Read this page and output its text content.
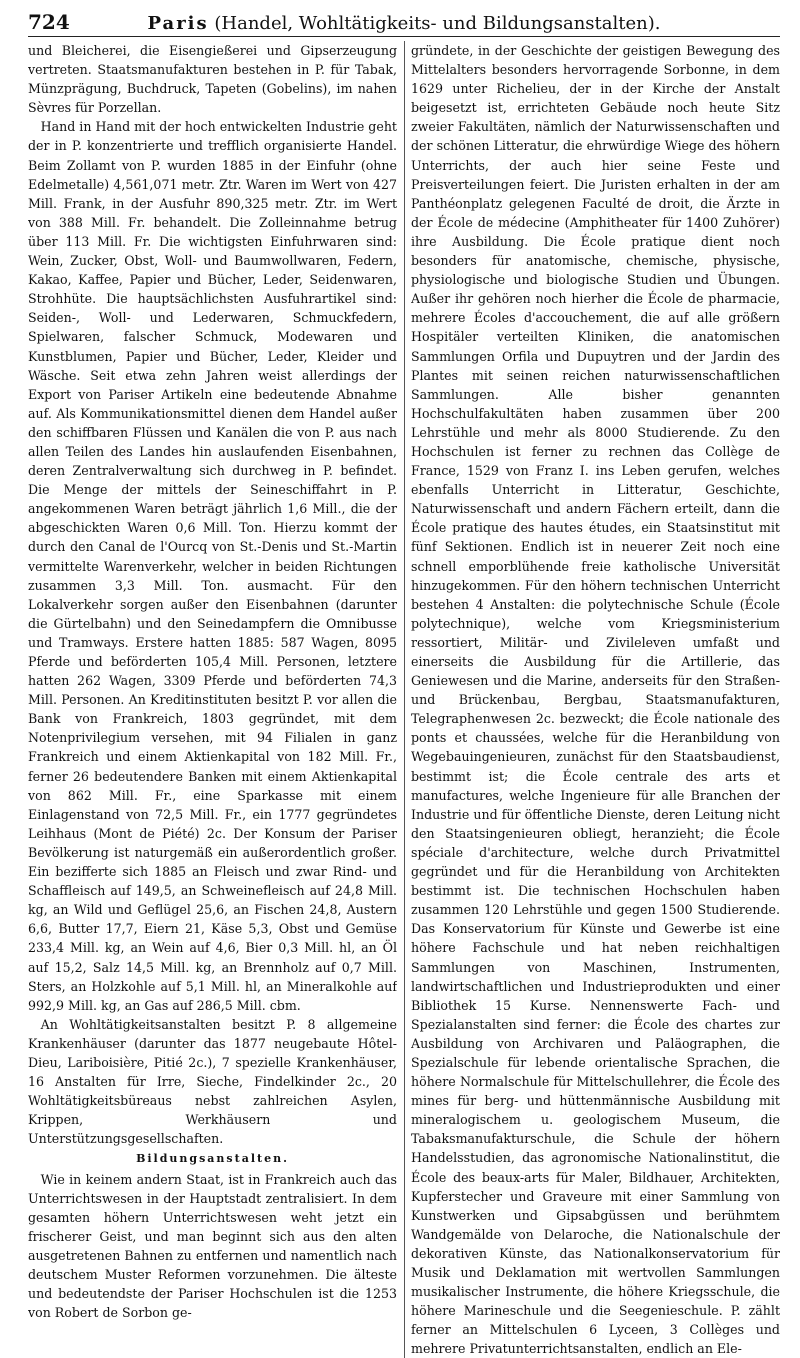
724	Paris (Handel, Wohltätigkeits- und Bildungsanstalten).

und Bleicherei, die Eisengießerei und Gipserzeugung vertreten. Staatsmanufakturen bestehen in P. für Tabak, Münzprägung, Buchdruck, Tapeten (Gobelins), im nahen Sèvres für Porzellan.

Hand in Hand mit der hoch entwickelten Industrie geht der in P. konzentrierte und trefflich organisierte Handel. Beim Zollamt von P. wurden 1885 in der Einfuhr (ohne Edelmetalle) 4,561,071 metr. Ztr. Waren im Wert von 427 Mill. Frank, in der Ausfuhr 890,325 metr. Ztr. im Wert von 388 Mill. Fr. behandelt. Die Zolleinnahme betrug über 113 Mill. Fr. Die wichtigsten Einfuhrwaren sind: Wein, Zucker, Obst, Woll- und Baumwollwaren, Federn, Kakao, Kaffee, Papier und Bücher, Leder, Seidenwaren, Strohhüte. Die hauptsächlichsten Ausfuhrartikel sind: Seiden-, Woll- und Lederwaren, Schmuckfedern, Spielwaren, falscher Schmuck, Modewaren und Kunstblumen, Papier und Bücher, Leder, Kleider und Wäsche. Seit etwa zehn Jahren weist allerdings der Export von Pariser Artikeln eine bedeutende Abnahme auf. Als Kommunikationsmittel dienen dem Handel außer den schiffbaren Flüssen und Kanälen die von P. aus nach allen Teilen des Landes hin auslaufenden Eisenbahnen, deren Zentralverwaltung sich durchweg in P. befindet. Die Menge der mittels der Seineschiffahrt in P. angekommenen Waren beträgt jährlich 1,6 Mill., die der abgeschickten Waren 0,6 Mill. Ton. Hierzu kommt der durch den Canal de l'Ourcq von St.-Denis und St.-Martin vermittelte Warenverkehr, welcher in beiden Richtungen zusammen 3,3 Mill. Ton. ausmacht. Für den Lokalverkehr sorgen außer den Eisenbahnen (darunter die Gürtelbahn) und den Seinedampfern die Omnibusse und Tramways. Erstere hatten 1885: 587 Wagen, 8095 Pferde und beförderten 105,4 Mill. Personen, letztere hatten 262 Wagen, 3309 Pferde und beförderten 74,3 Mill. Personen. An Kreditinstituten besitzt P. vor allen die Bank von Frankreich, 1803 gegründet, mit dem Notenprivilegium versehen, mit 94 Filialen in ganz Frankreich und einem Aktienkapital von 182 Mill. Fr., ferner 26 bedeutendere Banken mit einem Aktienkapital von 862 Mill. Fr., eine Sparkasse mit einem Einlagenstand von 72,5 Mill. Fr., ein 1777 gegründetes Leihhaus (Mont de Piété) 2c. Der Konsum der Pariser Bevölkerung ist naturgemäß ein außerordentlich großer. Ein bezifferte sich 1885 an Fleisch und zwar Rind- und Schaffleisch auf 149,5, an Schweinefleisch auf 24,8 Mill. kg, an Wild und Geflügel 25,6, an Fischen 24,8, Austern 6,6, Butter 17,7, Eiern 21, Käse 5,3, Obst und Gemüse 233,4 Mill. kg, an Wein auf 4,6, Bier 0,3 Mill. hl, an Öl auf 15,2, Salz 14,5 Mill. kg, an Brennholz auf 0,7 Mill. Sters, an Holzkohle auf 5,1 Mill. hl, an Mineralkohle auf 992,9 Mill. kg, an Gas auf 286,5 Mill. cbm.

An Wohltätigkeitsanstalten besitzt P. 8 allgemeine Krankenhäuser (darunter das 1877 neugebaute Hôtel-Dieu, Lariboisière, Pitié 2c.), 7 spezielle Krankenhäuser, 16 Anstalten für Irre, Sieche, Findelkinder 2c., 20 Wohltätigkeitsbüreaus nebst zahlreichen Asylen, Krippen, Werkhäusern und Unterstützungsgesellschaften.

Bildungsanstalten.

Wie in keinem andern Staat, ist in Frankreich auch das Unterrichtswesen in der Hauptstadt zentralisiert. In dem gesamten höhern Unterrichtswesen weht jetzt ein frischerer Geist, und man beginnt sich aus den alten ausgetretenen Bahnen zu entfernen und namentlich nach deutschem Muster Reformen vorzunehmen. Die älteste und bedeutendste der Pariser Hochschulen ist die 1253 von Robert de Sorbon ge-

gründete, in der Geschichte der geistigen Bewegung des Mittelalters besonders hervorragende Sorbonne, in dem 1629 unter Richelieu, der in der Kirche der Anstalt beigesetzt ist, errichteten Gebäude noch heute Sitz zweier Fakultäten, nämlich der Naturwissenschaften und der schönen Litteratur, die ehrwürdige Wiege des höhern Unterrichts, der auch hier seine Feste und Preisverteilungen feiert. Die Juristen erhalten in der am Panthéonplatz gelegenen Faculté de droit, die Ärzte in der École de médecine (Amphitheater für 1400 Zuhörer) ihre Ausbildung. Die École pratique dient noch besonders für anatomische, chemische, physische, physiologische und biologische Studien und Übungen. Außer ihr gehören noch hierher die École de pharmacie, mehrere Écoles d'accouchement, die auf alle größern Hospitäler verteilten Kliniken, die anatomischen Sammlungen Orfila und Dupuytren und der Jardin des Plantes mit seinen reichen naturwissenschaftlichen Sammlungen. Alle bisher genannten Hochschulfakultäten haben zusammen über 200 Lehrstühle und mehr als 8000 Studierende. Zu den Hochschulen ist ferner zu rechnen das Collège de France, 1529 von Franz I. ins Leben gerufen, welches ebenfalls Unterricht in Litteratur, Geschichte, Naturwissenschaft und andern Fächern erteilt, dann die École pratique des hautes études, ein Staatsinstitut mit fünf Sektionen. Endlich ist in neuerer Zeit noch eine schnell emporblühende freie katholische Universität hinzugekommen. Für den höhern technischen Unterricht bestehen 4 Anstalten: die polytechnische Schule (École polytechnique), welche vom Kriegsministerium ressortiert, Militär- und Zivileleven umfaßt und einerseits die Ausbildung für die Artillerie, das Geniewesen und die Marine, anderseits für den Straßen- und Brückenbau, Bergbau, Staatsmanufakturen, Telegraphenwesen 2c. bezweckt; die École nationale des ponts et chaussées, welche für die Heranbildung von Wegebauingenieuren, zunächst für den Staatsbaudienst, bestimmt ist; die École centrale des arts et manufactures, welche Ingenieure für alle Branchen der Industrie und für öffentliche Dienste, deren Leitung nicht den Staatsingenieuren obliegt, heranzieht; die École spéciale d'architecture, welche durch Privatmittel gegründet und für die Heranbildung von Architekten bestimmt ist. Die technischen Hochschulen haben zusammen 120 Lehrstühle und gegen 1500 Studierende. Das Konservatorium für Künste und Gewerbe ist eine höhere Fachschule und hat neben reichhaltigen Sammlungen von Maschinen, Instrumenten, landwirtschaftlichen und Industrieprodukten und einer Bibliothek 15 Kurse. Nennenswerte Fach- und Spezialanstalten sind ferner: die École des chartes zur Ausbildung von Archivaren und Paläographen, die Spezialschule für lebende orientalische Sprachen, die höhere Normalschule für Mittelschullehrer, die École des mines für berg- und hüttenmännische Ausbildung mit mineralogischem u. geologischem Museum, die Tabaksmanufakturschule, die Schule der höhern Handelsstudien, das agronomische Nationalinstitut, die École des beaux-arts für Maler, Bildhauer, Architekten, Kupferstecher und Graveure mit einer Sammlung von Kunstwerken und Gipsabgüssen und berühmtem Wandgemälde von Delaroche, die Nationalschule der dekorativen Künste, das Nationalkonservatorium für Musik und Deklamation mit wertvollen Sammlungen musikalischer Instrumente, die höhere Kriegsschule, die höhere Marineschule und die Seegenieschule. P. zählt ferner an Mittelschulen 6 Lyceen, 3 Collèges und mehrere Privatunterrichtsanstalten, endlich an Ele-
